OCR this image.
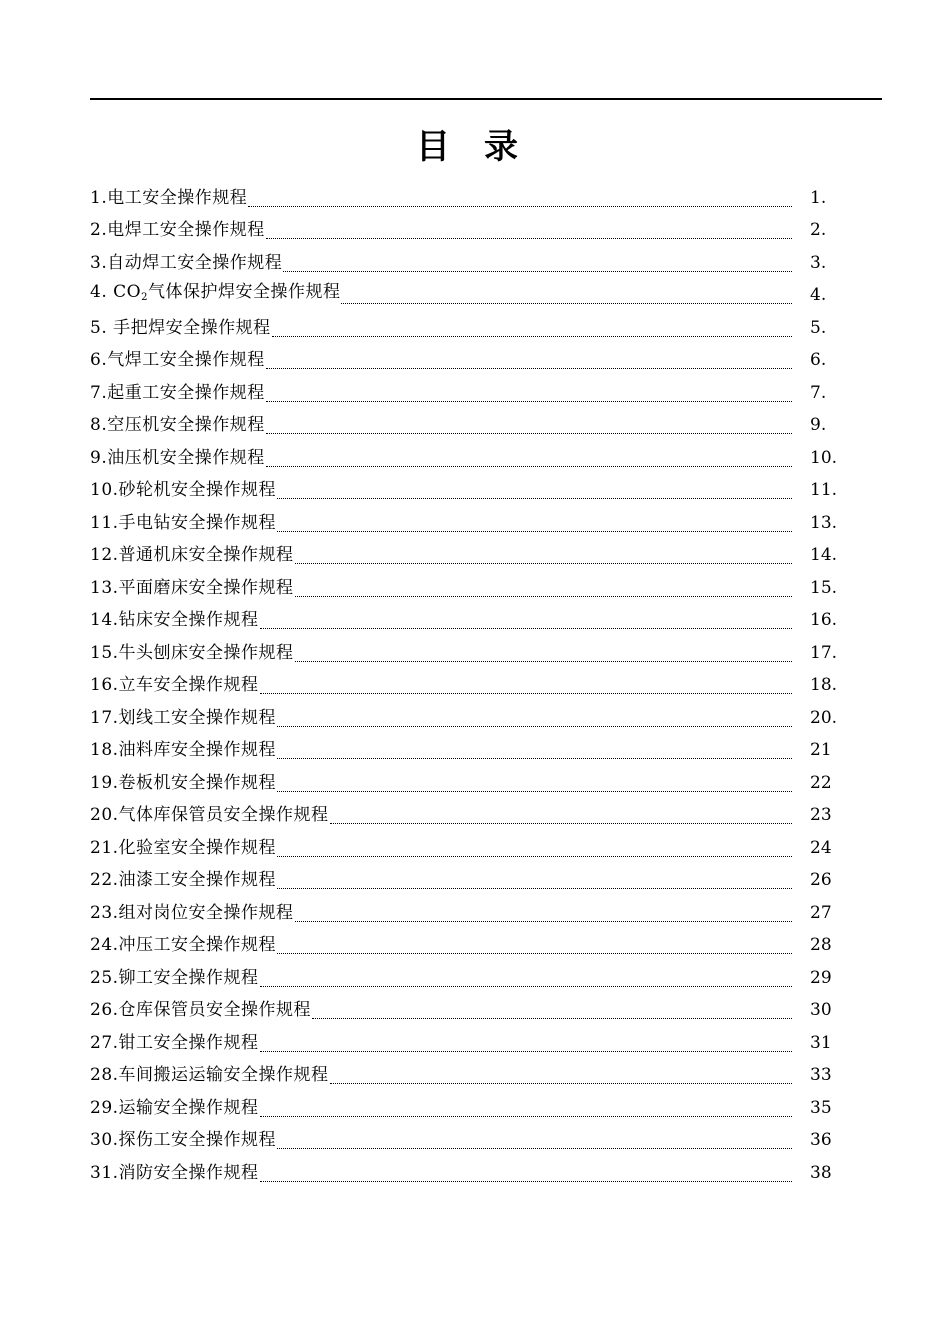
目录
1.电工安全操作规程	1.
2.电焊工安全操作规程	2.
3.自动焊工安全操作规程	3.
4. $CO_2$气体保护焊安全操作规程	4.
5. 手把焊安全操作规程	5.
6.气焊工安全操作规程	6.
7.起重工安全操作规程	7.
8.空压机安全操作规程	9.
9.油压机安全操作规程	10.
10.砂轮机安全操作规程	11.
11.手电钻安全操作规程	13.
12.普通机床安全操作规程	14.
13.平面磨床安全操作规程	15.
14.钻床安全操作规程	16.
15.牛头刨床安全操作规程	17.
16.立车安全操作规程	18.
17.划线工安全操作规程	20.
18.油料库安全操作规程	21
19.卷板机安全操作规程	22
20.气体库保管员安全操作规程	23
21.化验室安全操作规程	24
22.油漆工安全操作规程	26
23.组对岗位安全操作规程	27
24.冲压工安全操作规程	28
25.铆工安全操作规程	29
26.仓库保管员安全操作规程	30
27.钳工安全操作规程	31
28.车间搬运运输安全操作规程	33
29.运输安全操作规程	35
30.探伤工安全操作规程	36
31.消防安全操作规程	38
